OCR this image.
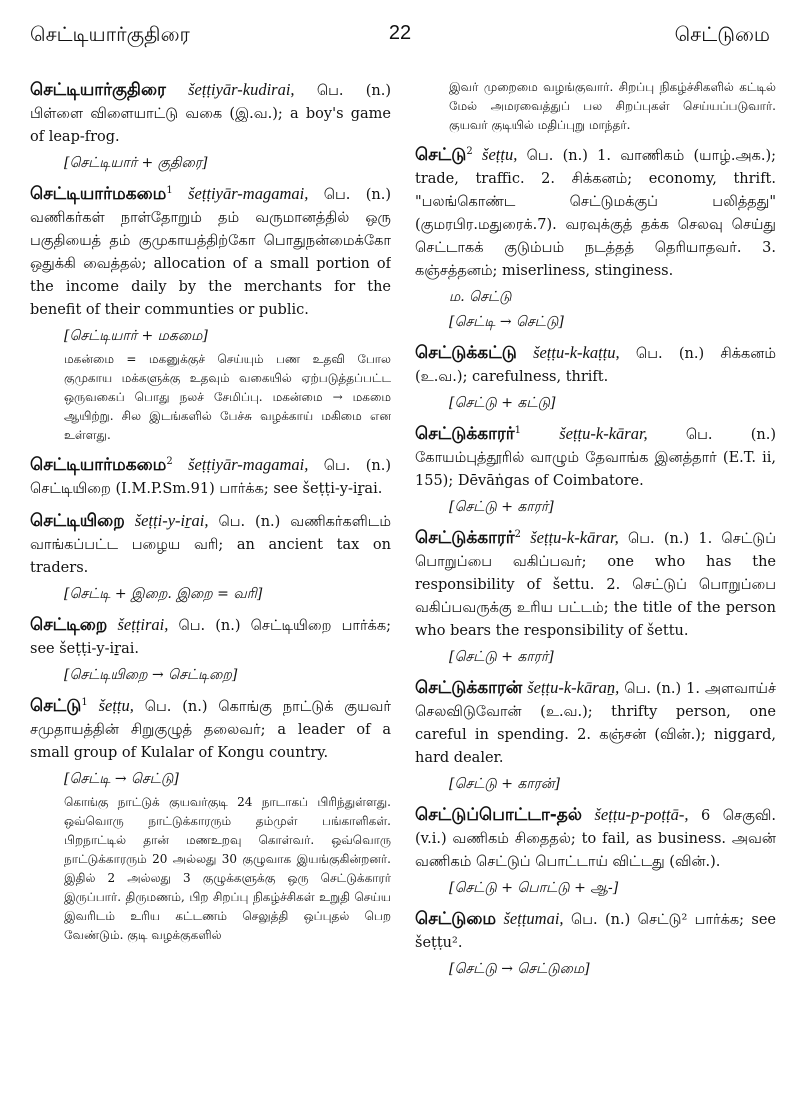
செட்டியார்குதிரை	22	செட்டுமை

செட்டியார்குதிரை šeṭṭiyār-kudirai, பெ. (n.) பிள்ளை விளையாட்டு வகை (இ.வ.); a boy's game of leap-frog.

[செட்டியார் + குதிரை]

செட்டியார்மகமை$^1$ šeṭṭiyār-magamai, பெ. (n.) வணிகர்கள் நாள்தோறும் தம் வருமானத்தில் ஒரு பகுதியைத் தம் குமுகாயத்திற்கோ பொதுநன்மைக்கோ ஒதுக்கி வைத்தல்; allocation of a small portion of the income daily by the merchants for the benefit of their communties or public.

[செட்டியார் + மகமை]

மகன்மை = மகனுக்குச் செய்யும் பண உதவி போல குமுகாய மக்களுக்கு உதவும் வகையில் ஏற்படுத்தப்பட்ட ஒருவகைப் பொது நலச் சேமிப்பு. மகன்மை → மகமை ஆயிற்று. சில இடங்களில் பேச்சு வழக்காய் மகிமை என உள்ளது.

செட்டியார்மகமை$^2$ šeṭṭiyār-magamai, பெ. (n.) செட்டியிறை (I.M.P.Sm.91) பார்க்க; see šeṭṭi-y-iṟai.

செட்டியிறை šeṭṭi-y-iṟai, பெ. (n.) வணிகர்களிடம் வாங்கப்பட்ட பழைய வரி; an ancient tax on traders.

[செட்டி + இறை. இறை = வரி]

செட்டிறை šeṭṭirai, பெ. (n.) செட்டியிறை பார்க்க; see šeṭṭi-y-iṟai.

[செட்டியிறை → செட்டிறை]

செட்டு$^1$ šeṭṭu, பெ. (n.) கொங்கு நாட்டுக் குயவர் சமுதாயத்தின் சிறுகுழுத் தலைவர்; a leader of a small group of Kulalar of Kongu country.

[செட்டி → செட்டு]

கொங்கு நாட்டுக் குயவர்குடி 24 நாடாகப் பிரிந்துள்ளது. ஒவ்வொரு நாட்டுக்காரரும் தம்முள் பங்காளிகள். பிறநாட்டில் தான் மணஉறவு கொள்வர். ஒவ்வொரு நாட்டுக்காரரும் 20 அல்லது 30 குழுவாக இயங்குகின்றனர். இதில் 2 அல்லது 3 குழுக்களுக்கு ஒரு செட்டுக்காரர் இருப்பார். திருமணம், பிற சிறப்பு நிகழ்ச்சிகள் உறுதி செய்ய இவரிடம் உரிய கட்டணம் செலுத்தி ஒப்புதல் பெற வேண்டும். குடி வழக்குகளில்

இவர் முறைமை வழங்குவார். சிறப்பு நிகழ்ச்சிகளில் கட்டில் மேல் அமரவைத்துப் பல சிறப்புகள் செய்யப்படுவார். குயவர் குடியில் மதிப்புறு மாந்தர்.

செட்டு$^2$ šeṭṭu, பெ. (n.) 1. வாணிகம் (யாழ்.அக.); trade, traffic. 2. சிக்கனம்; economy, thrift. "பலங்கொண்ட செட்டுமக்குப் பலித்தது" (குமரபிர.மதுரைக்.7). வரவுக்குத் தக்க செலவு செய்து செட்டாகக் குடும்பம் நடத்தத் தெரியாதவர். 3. கஞ்சத்தனம்; miserliness, stinginess.

ம. செட்டு

[செட்டி → செட்டு]

செட்டுக்கட்டு šeṭṭu-k-kaṭṭu, பெ. (n.) சிக்கனம் (உ.வ.); carefulness, thrift.

[செட்டு + கட்டு]

செட்டுக்காரர்$^1$ šeṭṭu-k-kārar,	பெ. (n.) கோயம்புத்தூரில் வாழும் தேவாங்க இனத்தார் (E.T. ii, 155); Dēvāṅgas of Coimbatore.

[செட்டு + காரர்]

செட்டுக்காரர்$^2$ šeṭṭu-k-kārar, பெ. (n.) 1. செட்டுப் பொறுப்பை வகிப்பவர்; one who has the responsibility of šettu. 2. செட்டுப் பொறுப்பை வகிப்பவருக்கு உரிய பட்டம்; the title of the person who bears the responsibility of šettu.

[செட்டு + காரர்]

செட்டுக்காரன் šeṭṭu-k-kāraṉ, பெ. (n.) 1. அளவாய்ச் செலவிடுவோன் (உ.வ.); thrifty person, one careful in spending. 2. கஞ்சன் (வின்.); niggard, hard dealer.

[செட்டு + காரன்]

செட்டுப்பொட்டா-தல் šeṭṭu-p-poṭṭā-, 6 செகுவி. (v.i.) வணிகம் சிதைதல்; to fail, as business. அவன் வணிகம் செட்டுப் பொட்டாய் விட்டது (வின்.).

[செட்டு + பொட்டு + ஆ-]

செட்டுமை šeṭṭumai, பெ. (n.) செட்டு² பார்க்க; see šeṭṭu².

[செட்டு → செட்டுமை]
